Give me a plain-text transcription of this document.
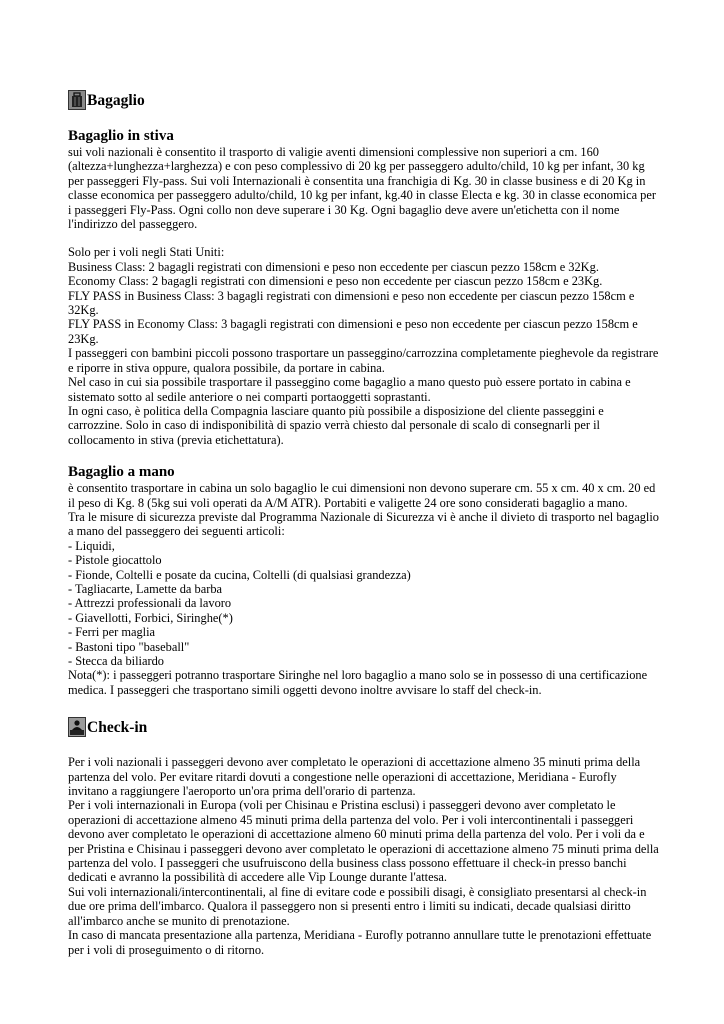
Bagaglio
Bagaglio in stiva

sui voli nazionali è consentito il trasporto di valigie aventi dimensioni complessive non superiori a cm. 160 (altezza+lunghezza+larghezza) e con peso complessivo di 20 kg per passeggero adulto/child, 10 kg per infant, 30 kg per passeggeri Fly-pass. Sui voli Internazionali è consentita una franchigia di Kg. 30 in classe business e di 20 Kg in classe economica per passeggero adulto/child, 10 kg per infant, kg.40 in classe Electa e kg. 30 in classe economica per i passeggeri Fly-Pass. Ogni collo non deve superare i 30 Kg. Ogni bagaglio deve avere un'etichetta con il nome l'indirizzo del passeggero.

Solo per i voli negli Stati Uniti:

Business Class: 2 bagagli registrati con dimensioni e peso non eccedente per ciascun pezzo 158cm e 32Kg.

Economy Class: 2 bagagli registrati con dimensioni e peso non eccedente per ciascun pezzo 158cm e 23Kg.

FLY PASS in Business Class: 3 bagagli registrati con dimensioni e peso non eccedente per ciascun pezzo 158cm e 32Kg.

FLY PASS in Economy Class: 3 bagagli registrati con dimensioni e peso non eccedente per ciascun pezzo 158cm e 23Kg.

I passeggeri con bambini piccoli possono trasportare un passeggino/carrozzina completamente pieghevole da registrare e riporre in stiva oppure, qualora possibile, da portare in cabina.

Nel caso in cui sia possibile trasportare il passeggino come bagaglio a mano questo può essere portato in cabina e sistemato sotto al sedile anteriore o nei comparti portaoggetti soprastanti.

In ogni caso, è politica della Compagnia lasciare quanto più possibile a disposizione del cliente passeggini e carrozzine. Solo in caso di indisponibilità di spazio verrà chiesto dal personale di scalo di consegnarli per il collocamento in stiva (previa etichettatura).

Bagaglio a mano

è consentito trasportare in cabina un solo bagaglio le cui dimensioni non devono superare cm. 55 x cm. 40 x cm. 20 ed il peso di Kg. 8 (5kg sui voli operati da A/M ATR). Portabiti e valigette 24 ore sono considerati bagaglio a mano.

Tra le misure di sicurezza previste dal Programma Nazionale di Sicurezza vi è anche il divieto di trasporto nel bagaglio a mano del passeggero dei seguenti articoli:

- Liquidi,
- Pistole giocattolo
- Fionde, Coltelli e posate da cucina, Coltelli (di qualsiasi grandezza)
- Tagliacarte, Lamette da barba
- Attrezzi professionali da lavoro
- Giavellotti, Forbici, Siringhe(*)
- Ferri per maglia
- Bastoni tipo "baseball"
- Stecca da biliardo

Nota(*): i passeggeri potranno trasportare Siringhe nel loro bagaglio a mano solo se in possesso di una certificazione medica. I passeggeri che trasportano simili oggetti devono inoltre avvisare lo staff del check-in.

Check-in

Per i voli nazionali i passeggeri devono aver completato le operazioni di accettazione almeno 35 minuti prima della partenza del volo. Per evitare ritardi dovuti a congestione nelle operazioni di accettazione, Meridiana - Eurofly invitano a raggiungere l'aeroporto un'ora prima dell'orario di partenza.

Per i voli internazionali in Europa (voli per Chisinau e Pristina esclusi) i passeggeri devono aver completato le operazioni di accettazione almeno 45 minuti prima della partenza del volo. Per i voli intercontinentali i passeggeri devono aver completato le operazioni di accettazione almeno 60 minuti prima della partenza del volo. Per i voli da e per Pristina e Chisinau i passeggeri devono aver completato le operazioni di accettazione almeno 75 minuti prima della partenza del volo. I passeggeri che usufruiscono della business class possono effettuare il check-in presso banchi dedicati e avranno la possibilità di accedere alle Vip Lounge durante l'attesa.

Sui voli internazionali/intercontinentali, al fine di evitare code e possibili disagi, è consigliato presentarsi al check-in due ore prima dell'imbarco. Qualora il passeggero non si presenti entro i limiti su indicati, decade qualsiasi diritto all'imbarco anche se munito di prenotazione.

In caso di mancata presentazione alla partenza, Meridiana - Eurofly potranno annullare tutte le prenotazioni effettuate per i voli di proseguimento o di ritorno.
